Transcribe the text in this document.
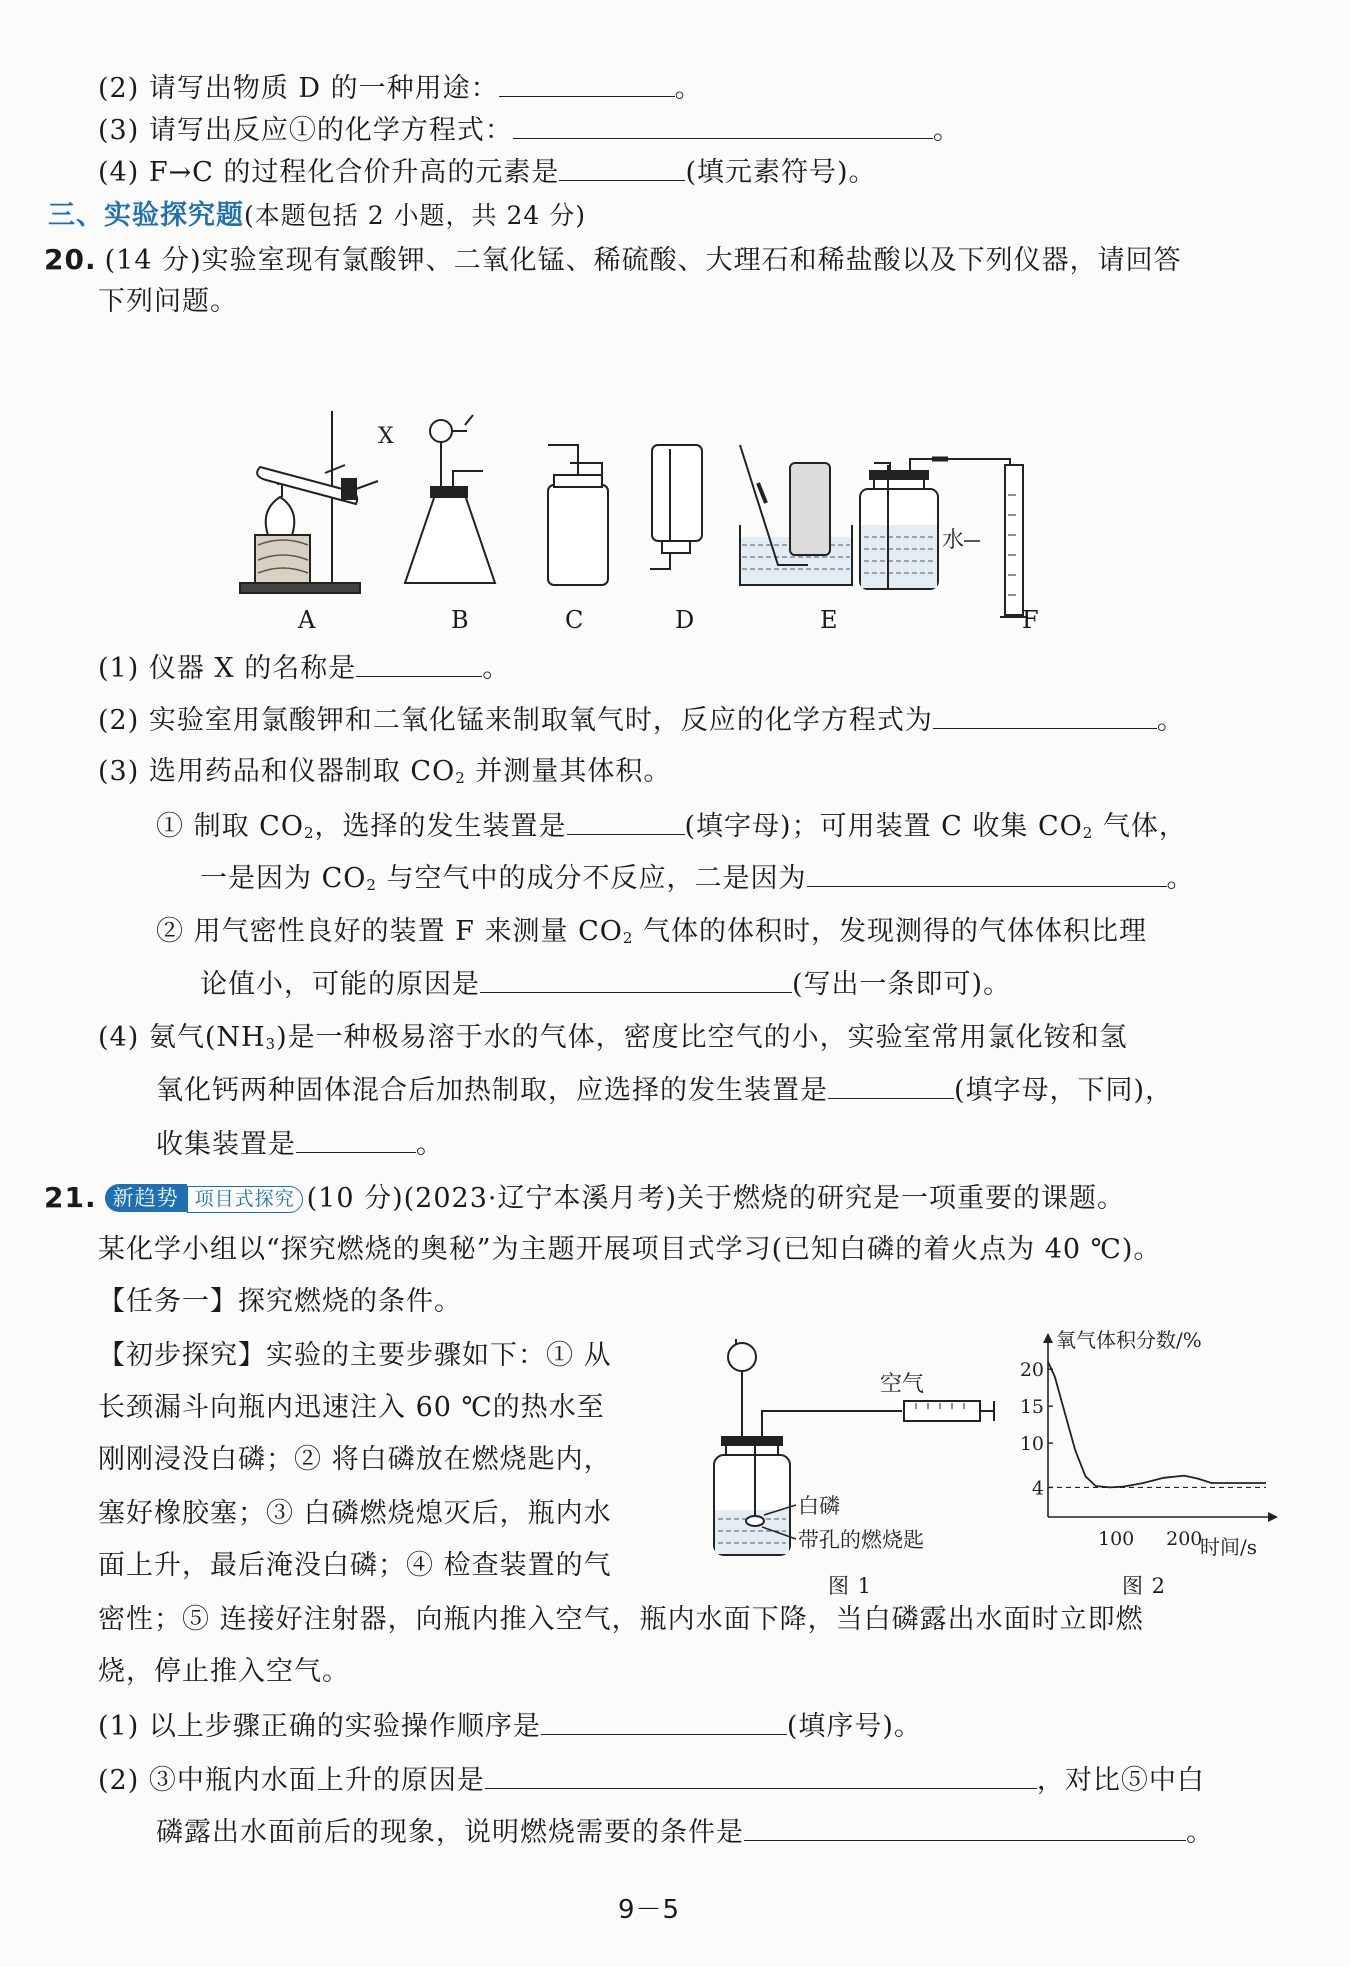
(2) 请写出物质 D 的一种用途：	。
(3) 请写出反应①的化学方程式：	。
(4) F→C 的过程化合价升高的元素是	(填元素符号)。
三、实验探究题(本题包括 2 小题，共 24 分)
20. (14 分)实验室现有氯酸钾、二氧化锰、稀硫酸、大理石和稀盐酸以及下列仪器，请回答
下列问题。
X
水
A	B	C	D	E	F
(1) 仪器 X 的名称是	。
(2) 实验室用氯酸钾和二氧化锰来制取氧气时，反应的化学方程式为	。
(3) 选用药品和仪器制取 $CO_2$ 并测量其体积。
① 制取 $CO_2$，选择的发生装置是	(填字母)；可用装置 C 收集 $CO_2$ 气体，
一是因为 $CO_2$ 与空气中的成分不反应，二是因为	。
② 用气密性良好的装置 F 来测量 $CO_2$ 气体的体积时，发现测得的气体体积比理
论值小，可能的原因是	(写出一条即可)。
(4) 氨气$(NH_3)$是一种极易溶于水的气体，密度比空气的小，实验室常用氯化铵和氢
氧化钙两种固体混合后加热制取，应选择的发生装置是	(填字母，下同)，
收集装置是	。
21. 新趋势 项目式探究 (10 分)(2023·辽宁本溪月考)关于燃烧的研究是一项重要的课题。
某化学小组以“探究燃烧的奥秘”为主题开展项目式学习(已知白磷的着火点为 40 ℃)。
【任务一】探究燃烧的条件。
【初步探究】实验的主要步骤如下：① 从
长颈漏斗向瓶内迅速注入 60 ℃的热水至
刚刚浸没白磷；② 将白磷放在燃烧匙内，
塞好橡胶塞；③ 白磷燃烧熄灭后，瓶内水
面上升，最后淹没白磷；④ 检查装置的气
密性；⑤ 连接好注射器，向瓶内推入空气，瓶内水面下降，当白磷露出水面时立即燃
烧，停止推入空气。
空气
白磷
带孔的燃烧匙
图 1
4
10
15
20
100 200
氧气体积分数/%
时间/s
图 2
(1) 以上步骤正确的实验操作顺序是	(填序号)。
(2) ③中瓶内水面上升的原因是	，对比⑤中白
磷露出水面前后的现象，说明燃烧需要的条件是	。
9－5
